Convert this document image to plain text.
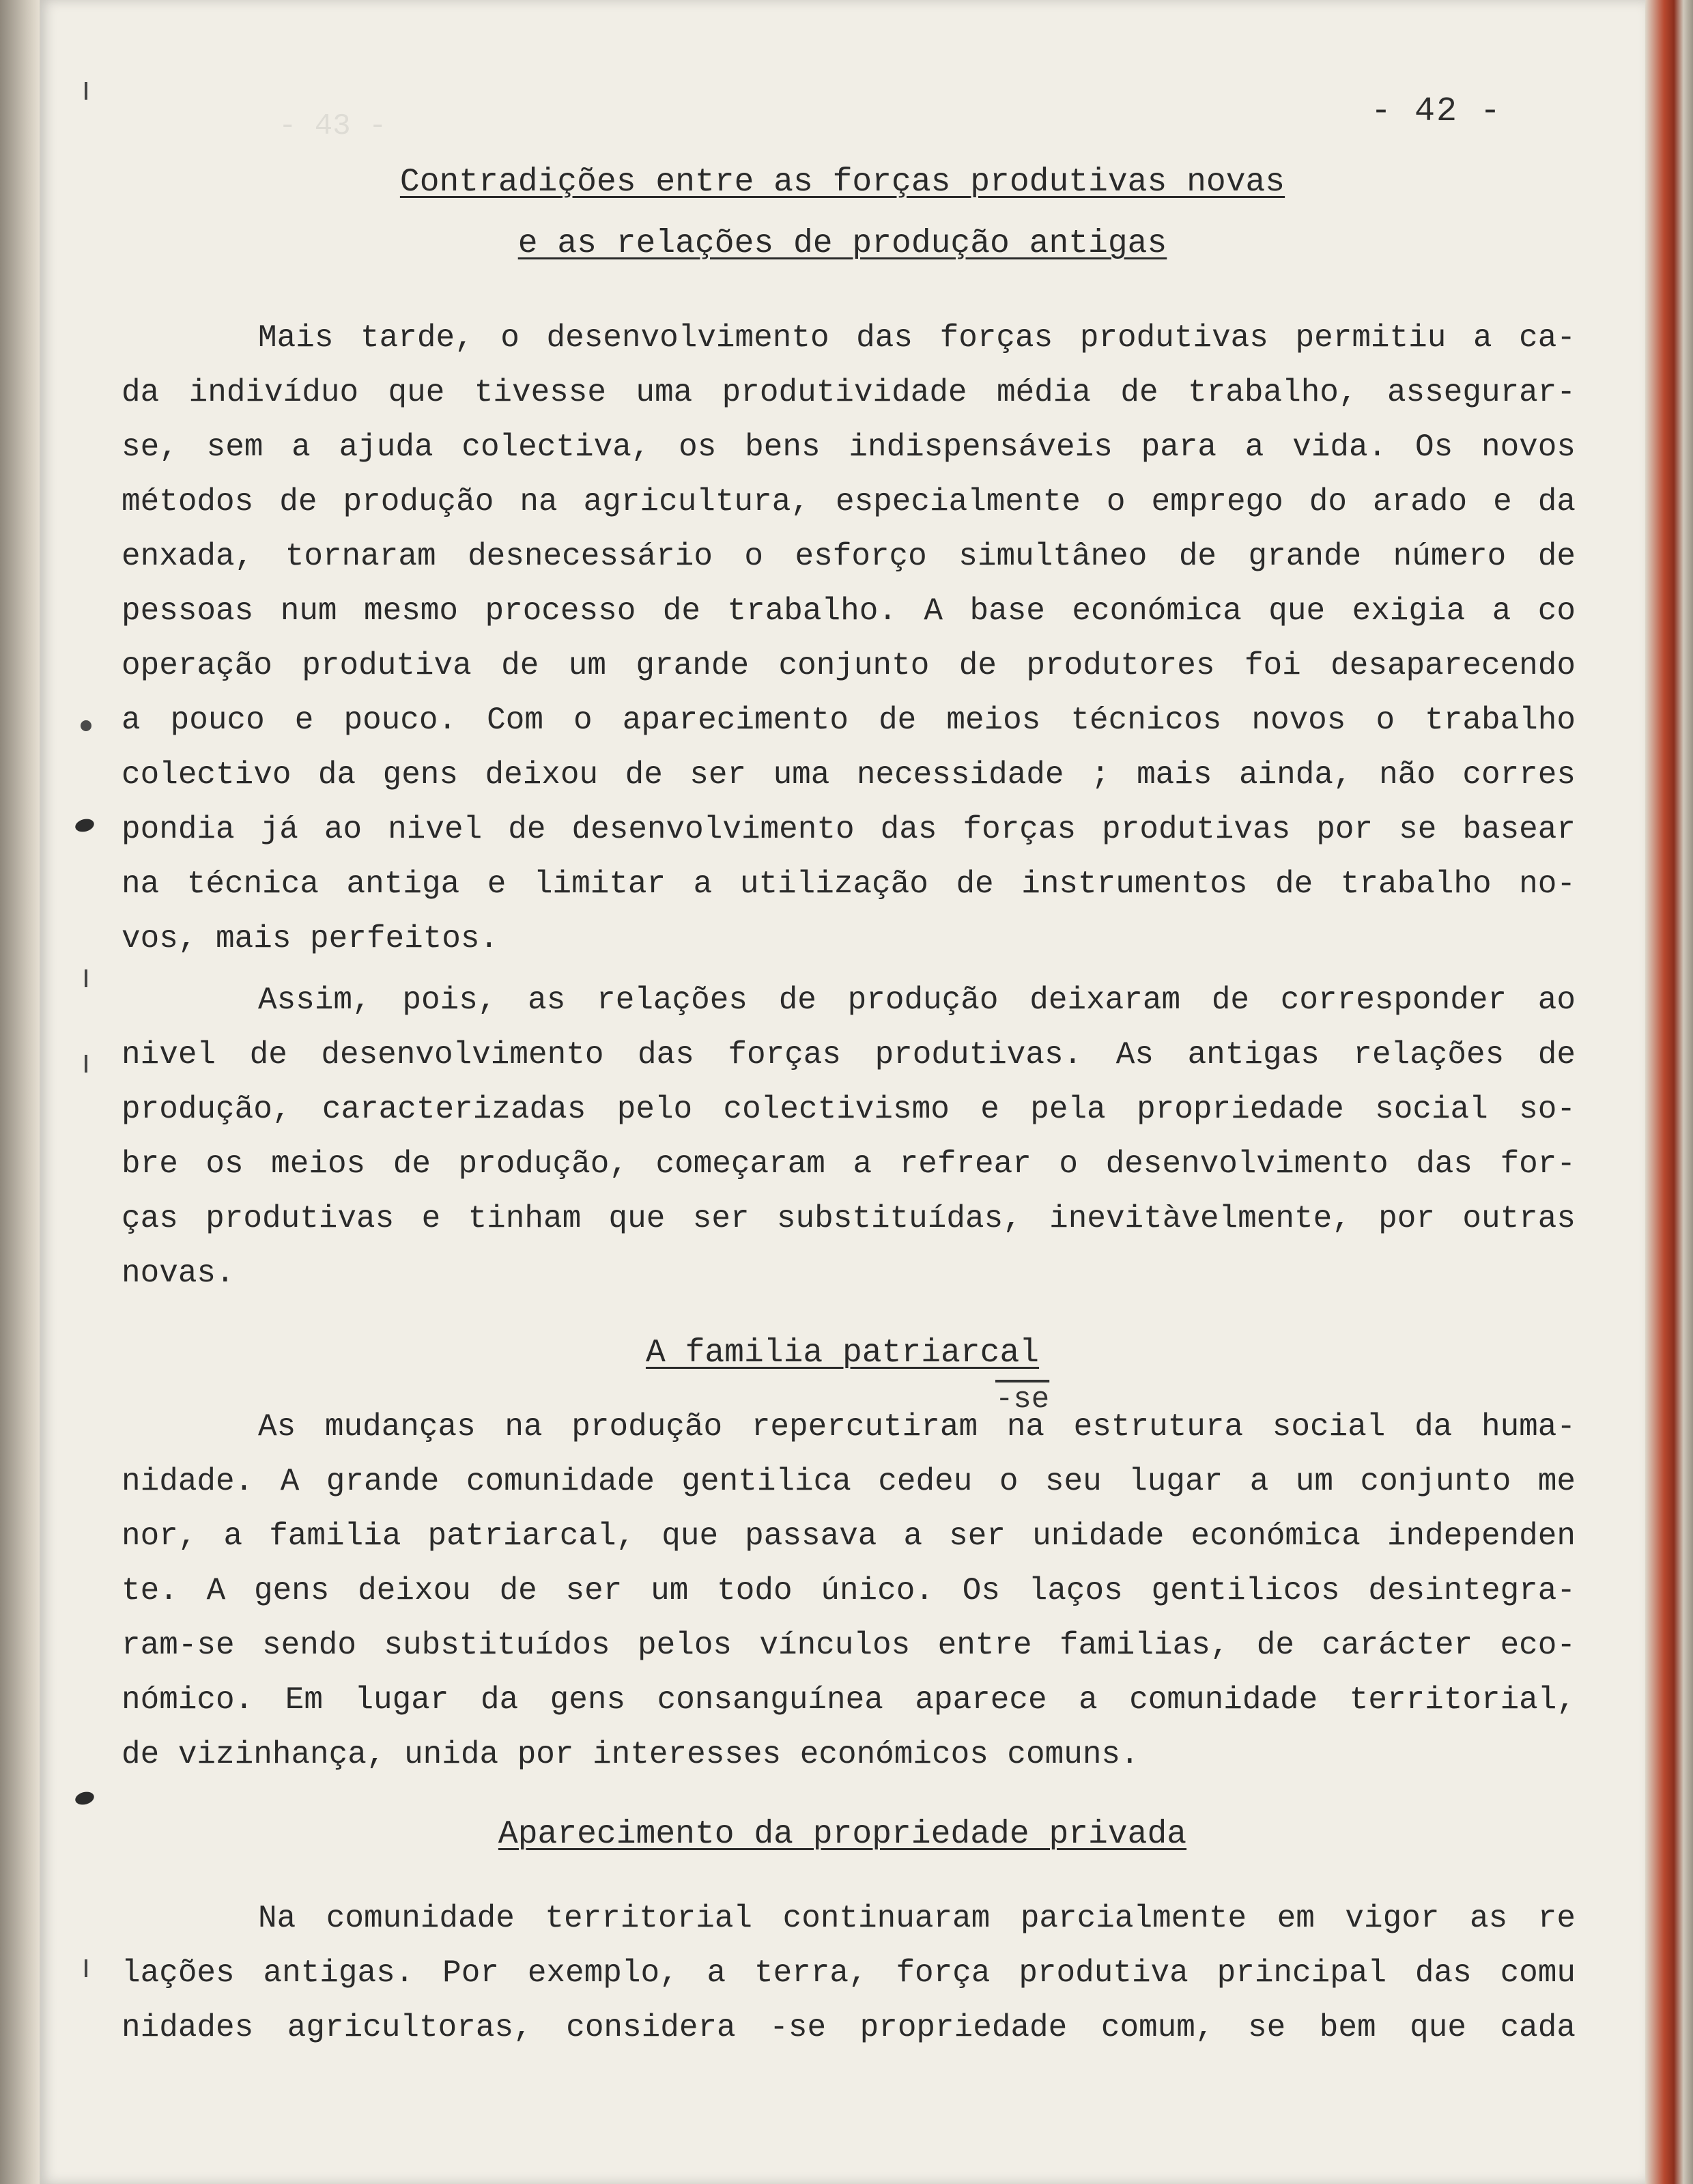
- 43 -	- 42 -
Contradições entre as forças produtivas novas
e as relações de produção antigas
Mais tarde, o desenvolvimento das forças produtivas permitiu a ca-
da indivíduo que tivesse uma produtividade média de trabalho, assegurar-
se, sem a ajuda colectiva, os bens indispensáveis para a vida. Os novos
métodos de produção na agricultura, especialmente o emprego do arado e da
enxada, tornaram desnecessário o esforço simultâneo de grande número de
pessoas num mesmo processo de trabalho. A base económica que exigia a co
operação produtiva de um grande conjunto de produtores foi desaparecendo
a pouco e pouco. Com o aparecimento de meios técnicos novos o trabalho
colectivo da gens deixou de ser uma necessidade ; mais ainda, não corres
pondia já ao nivel de desenvolvimento das forças produtivas por se basear
na técnica antiga e limitar a utilização de instrumentos de trabalho no-
vos, mais perfeitos.
Assim, pois, as relações de produção deixaram de corresponder ao
nivel de desenvolvimento das forças produtivas. As antigas relações de
produção, caracterizadas pelo colectivismo e pela propriedade social so-
bre os meios de produção, começaram a refrear o desenvolvimento das for-
ças produtivas e tinham que ser substituídas, inevitàvelmente, por outras
novas.
A familia patriarcal
-se
As mudanças na produção repercutiram na estrutura social da huma-
nidade. A grande comunidade gentilica cedeu o seu lugar a um conjunto me
nor, a familia patriarcal, que passava a ser unidade económica independen
te. A gens deixou de ser um todo único. Os laços gentilicos desintegra-
ram-se sendo substituídos pelos vínculos entre familias, de carácter eco-
nómico. Em lugar da gens consanguínea aparece a comunidade territorial,
de vizinhança, unida por interesses económicos comuns.
Aparecimento da propriedade privada
Na comunidade territorial continuaram parcialmente em vigor as re
lações antigas. Por exemplo, a terra, força produtiva principal das comu
nidades agricultoras, considera -se propriedade comum, se bem que cada
